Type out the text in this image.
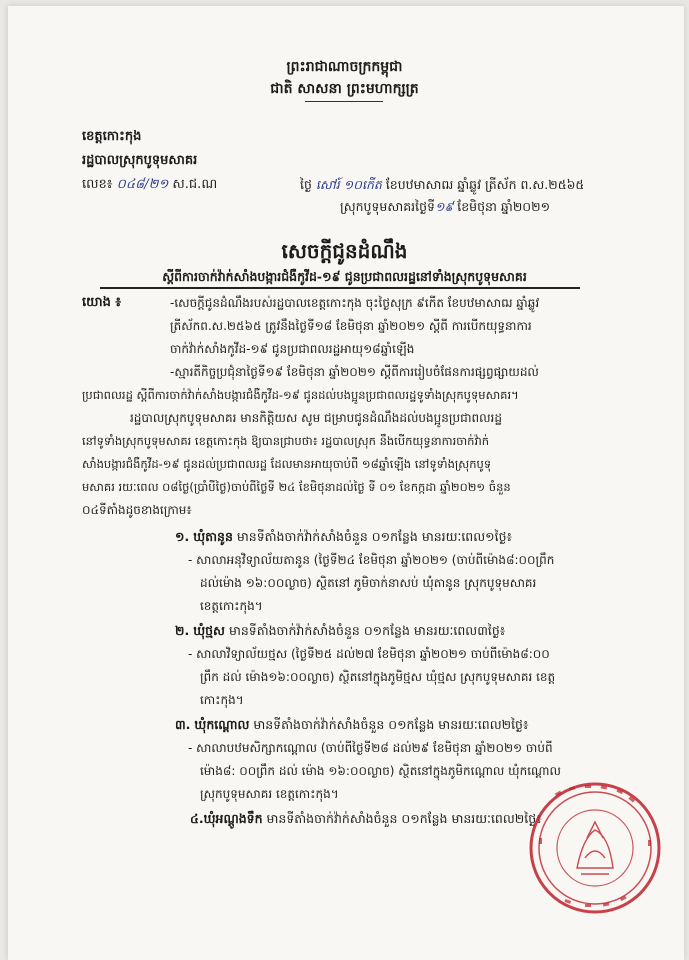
ព្រះរាជាណាចក្រកម្ពុជា
ជាតិ សាសនា ព្រះមហាក្សត្រ
ខេត្តកោះកុង
រដ្ឋបាលស្រុកបូទុមសាគរ
លេខ៖ ០៤៨/២១ ស.ជ.ណ	ថ្ងៃ សៅរ៍ ១០កើត ខែបឋមាសាឍ ឆ្នាំឆ្លូវ ត្រីស័ក ព.ស.២៥៦៥
ស្រុកបូទុមសាគរថ្ងៃទី១៩ ខែមិថុនា ឆ្នាំ២០២១
សេចក្តីជូនដំណឹង
ស្តីពីការចាក់វ៉ាក់សាំងបង្ការជំងឺកូវីដ-១៩ ជូនប្រជាពលរដ្ឋនៅទាំងស្រុកបូទុមសាគរ
យោង ៖	-សេចក្តីជូនដំណឹងរបស់រដ្ឋបាលខេត្តកោះកុង ចុះថ្ងៃសុក្រ ៩កើត ខែបឋមាសាឍ ឆ្នាំឆ្លូវ
ត្រីស័កព.ស.២៥៦៥ ត្រូវនឹងថ្ងៃទី១៨ ខែមិថុនា ឆ្នាំ២០២១ ស្តីពី ការបើកយុទ្ធនាការ
ចាក់វ៉ាក់សាំងកូវីដ-១៩ ជូនប្រជាពលរដ្ឋអាយុ១៨ឆ្នាំឡើង
-ស្មារតីកិច្ចប្រជុំនាថ្ងៃទី១៩ ខែមិថុនា ឆ្នាំ២០២១ ស្តីពីការរៀបចំផែនការផ្សព្វផ្សាយដល់
ប្រជាពលរដ្ឋ ស្តីពីការចាក់វ៉ាក់សាំងបង្ការជំងឺកូវីដ-១៩ ជូនដល់បងប្អូនប្រជាពលរដ្ឋទូទាំងស្រុកបូទុមសាគរ។
រដ្ឋបាលស្រុកបូទុមសាគរ មានកិត្តិយស សូម ជម្រាបជូនដំណឹងដល់បងប្អូនប្រជាពលរដ្ឋ
នៅទូទាំងស្រុកបូទុមសាគរ ខេត្តកោះកុង ឱ្យបានជ្រាបថា៖ រដ្ឋបាលស្រុក នឹងបើកយុទ្ធនាការចាក់វ៉ាក់
សាំងបង្ការជំងឺកូវីដ-១៩ ជូនដល់ប្រជាពលរដ្ឋ ដែលមានអាយុចាប់ពី ១៨ឆ្នាំឡើង នៅទូទាំងស្រុកបូទុ
មសាគរ រយៈពេល ០៨ថ្ងៃ(ប្រាំបីថ្ងៃ)ចាប់ពីថ្ងៃទី ២៤ ខែមិថុនាដល់ថ្ងៃ ទី ០១ ខែកក្កដា ឆ្នាំ២០២១ ចំនួន
០៤ទីតាំងដូចខាងក្រោម៖
១. ឃុំតានូន មានទីតាំងចាក់វ៉ាក់សាំងចំនួន ០១កន្លែង មានរយៈពេល១ថ្ងៃ៖
- សាលាអនុវិទ្យាល័យតានូន (ថ្ងៃទី២៤ ខែមិថុនា ឆ្នាំ២០២១ (ចាប់ពីម៉ោង៨:០០ព្រឹក
ដល់ម៉ោង ១៦:០០ល្ងាច) ស្ថិតនៅ ភូមិចាក់នាសប់ ឃុំតានូន ស្រុកបូទុមសាគរ
ខេត្តកោះកុង។
២. ឃុំថ្មស មានទីតាំងចាក់វ៉ាក់សាំងចំនួន ០១កន្លែង មានរយៈពេល៣ថ្ងៃ៖
- សាលាវិទ្យាល័យថ្មស (ថ្ងៃទី២៥ ដល់២៧ ខែមិថុនា ឆ្នាំ២០២១ ចាប់ពីម៉ោង៨:០០
ព្រឹក ដល់ ម៉ោង១៦:០០ល្ងាច) ស្ថិតនៅក្នុងភូមិថ្មស ឃុំថ្មស ស្រុកបូទុមសាគរ ខេត្ត
កោះកុង។
៣. ឃុំកណ្តោល មានទីតាំងចាក់វ៉ាក់សាំងចំនួន ០១កន្លែង មានរយៈពេល២ថ្ងៃ៖
- សាលាបឋមសិក្សាកណ្តោល (ចាប់ពីថ្ងៃទី២៨ ដល់២៩ ខែមិថុនា ឆ្នាំ២០២១ ចាប់ពី
ម៉ោង៨: ០០ព្រឹក ដល់ ម៉ោង ១៦:០០ល្ងាច) ស្ថិតនៅក្នុងភូមិកណ្តោល ឃុំកណ្តោល
ស្រុកបូទុមសាគរ ខេត្តកោះកុង។
៤.ឃុំអណ្តូងទឹក មានទីតាំងចាក់វ៉ាក់សាំងចំនួន ០១កន្លែង មានរយៈពេល២ថ្ងៃ៖
